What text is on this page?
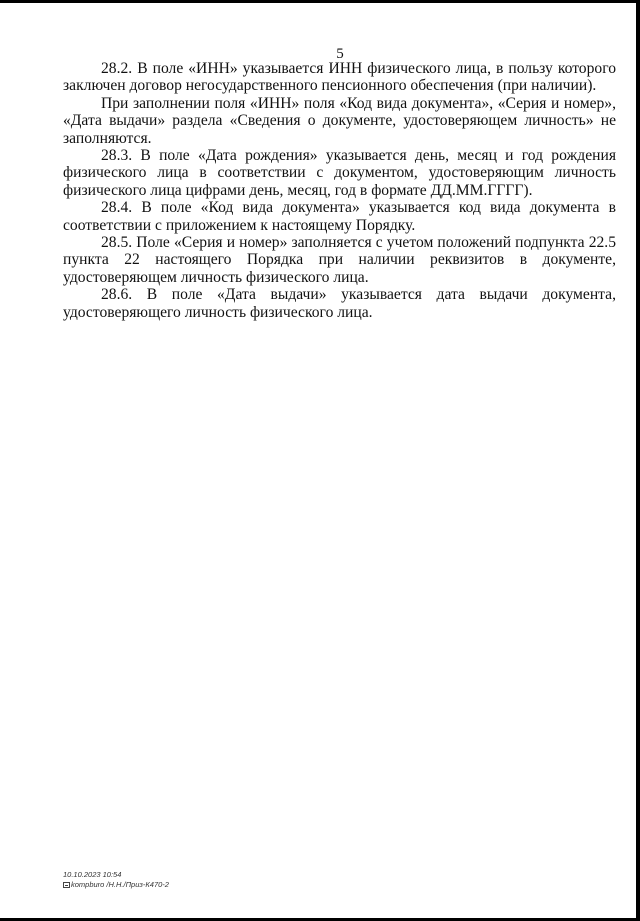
5

28.2. В поле «ИНН» указывается ИНН физического лица, в пользу которого заключен договор негосударственного пенсионного обеспечения (при наличии).

При заполнении поля «ИНН» поля «Код вида документа», «Серия и номер», «Дата выдачи» раздела «Сведения о документе, удостоверяющем личность» не заполняются.

28.3. В поле «Дата рождения» указывается день, месяц и год рождения физического лица в соответствии с документом, удостоверяющим личность физического лица цифрами день, месяц, год в формате ДД.ММ.ГГГГ).

28.4. В поле «Код вида документа» указывается код вида документа в соответствии с приложением к настоящему Порядку.

28.5. Поле «Серия и номер» заполняется с учетом положений подпункта 22.5 пункта 22 настоящего Порядка при наличии реквизитов в документе, удостоверяющем личность физического лица.

28.6. В поле «Дата выдачи» указывается дата выдачи документа, удостоверяющего личность физического лица.

10.10.2023 10:54
kompburo /Н.Н./Приз-К470-2
